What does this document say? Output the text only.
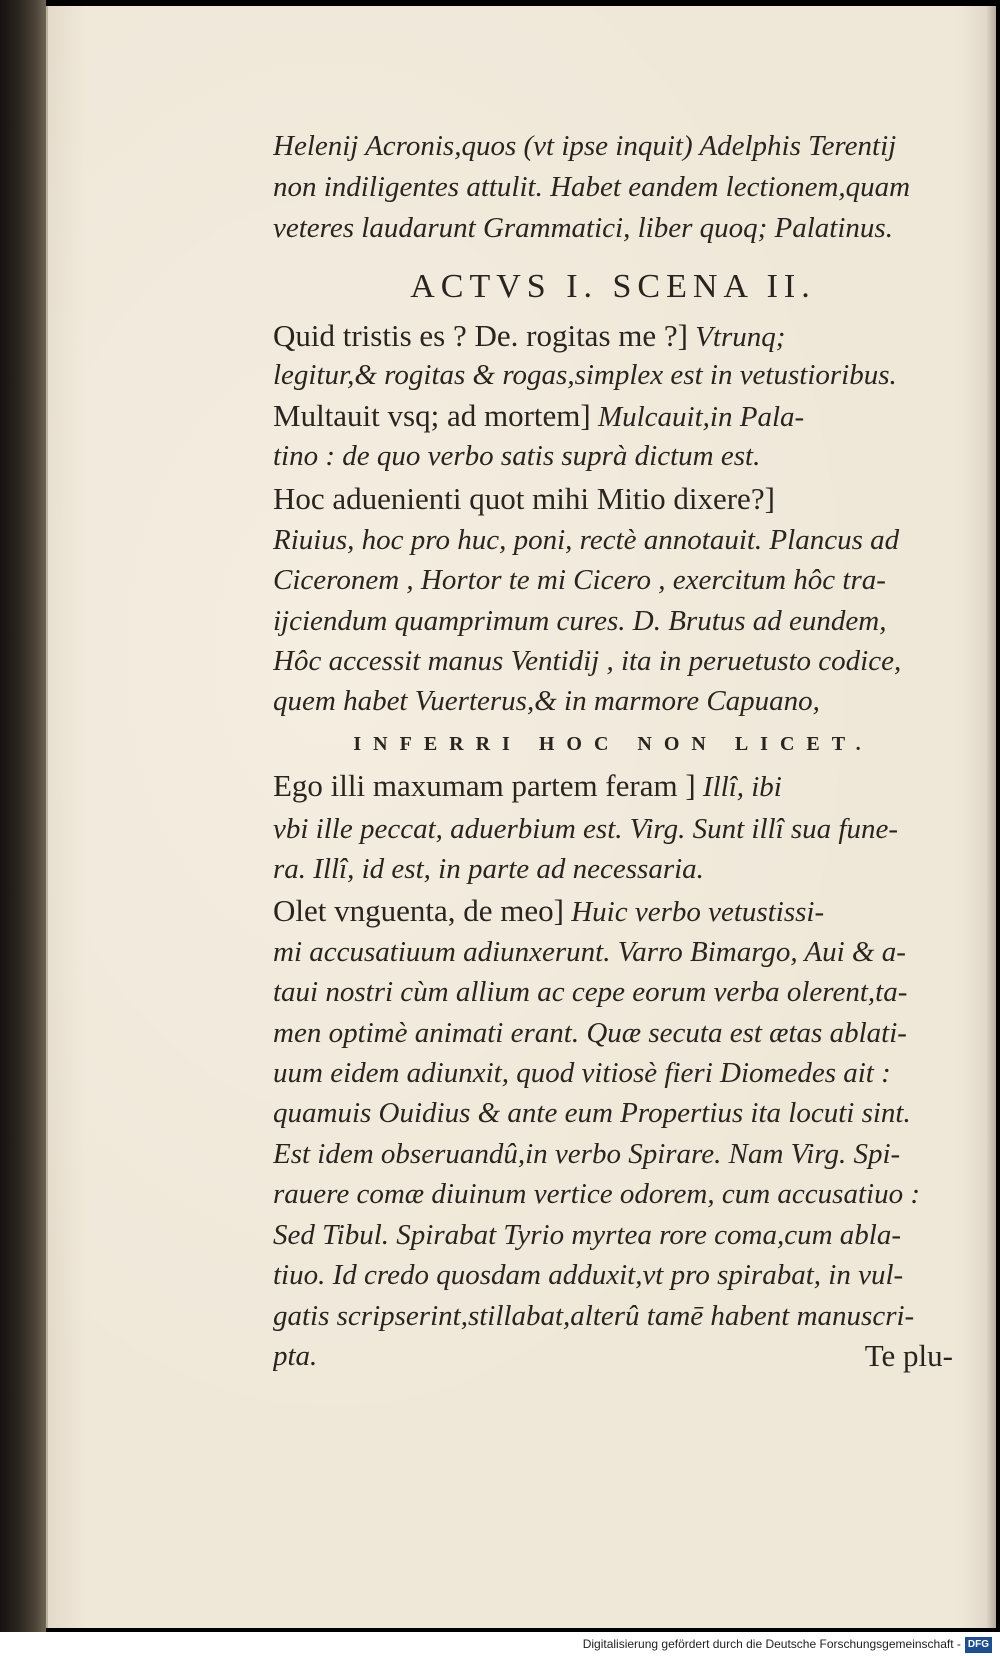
Helenij Acronis,quos (vt ipse inquit) Adelphis Terentij
non indiligentes attulit. Habet eandem lectionem,quam
veteres laudarunt Grammatici, liber quoq; Palatinus.
ACTVS I. SCENA II.
Quid tristis es ? De. rogitas me ?] Vtrunq;
legitur,& rogitas & rogas,simplex est in vetustioribus.
Multauit vsq; ad mortem] Mulcauit,in Pala-
tino : de quo verbo satis suprà dictum est.
Hoc aduenienti quot mihi Mitio dixere?]
Riuius, hoc pro huc, poni, rectè annotauit. Plancus ad
Ciceronem , Hortor te mi Cicero , exercitum hôc tra-
ijciendum quamprimum cures. D. Brutus ad eundem,
Hôc accessit manus Ventidij , ita in peruetusto codice,
quem habet Vuerterus,& in marmore Capuano,
INFERRI HOC NON LICET.
Ego illi maxumam partem feram ] Illî, ibi
vbi ille peccat, aduerbium est. Virg. Sunt illî sua fune-
ra. Illî, id est, in parte ad necessaria.
Olet vnguenta, de meo] Huic verbo vetustissi-
mi accusatiuum adiunxerunt. Varro Bimargo, Aui & a-
taui nostri cùm allium ac cepe eorum verba olerent,ta-
men optimè animati erant. Quæ secuta est ætas ablati-
uum eidem adiunxit, quod vitiosè fieri Diomedes ait :
quamuis Ouidius & ante eum Propertius ita locuti sint.
Est idem obseruandû,in verbo Spirare. Nam Virg. Spi-
rauere comæ diuinum vertice odorem, cum accusatiuo :
Sed Tibul. Spirabat Tyrio myrtea rore coma,cum abla-
tiuo. Id credo quosdam adduxit,vt pro spirabat, in vul-
gatis scripserint,stillabat,alterû tamē habent manuscri-
pta.	Te plu-
Digitalisierung gefördert durch die Deutsche Forschungsgemeinschaft - DFG
